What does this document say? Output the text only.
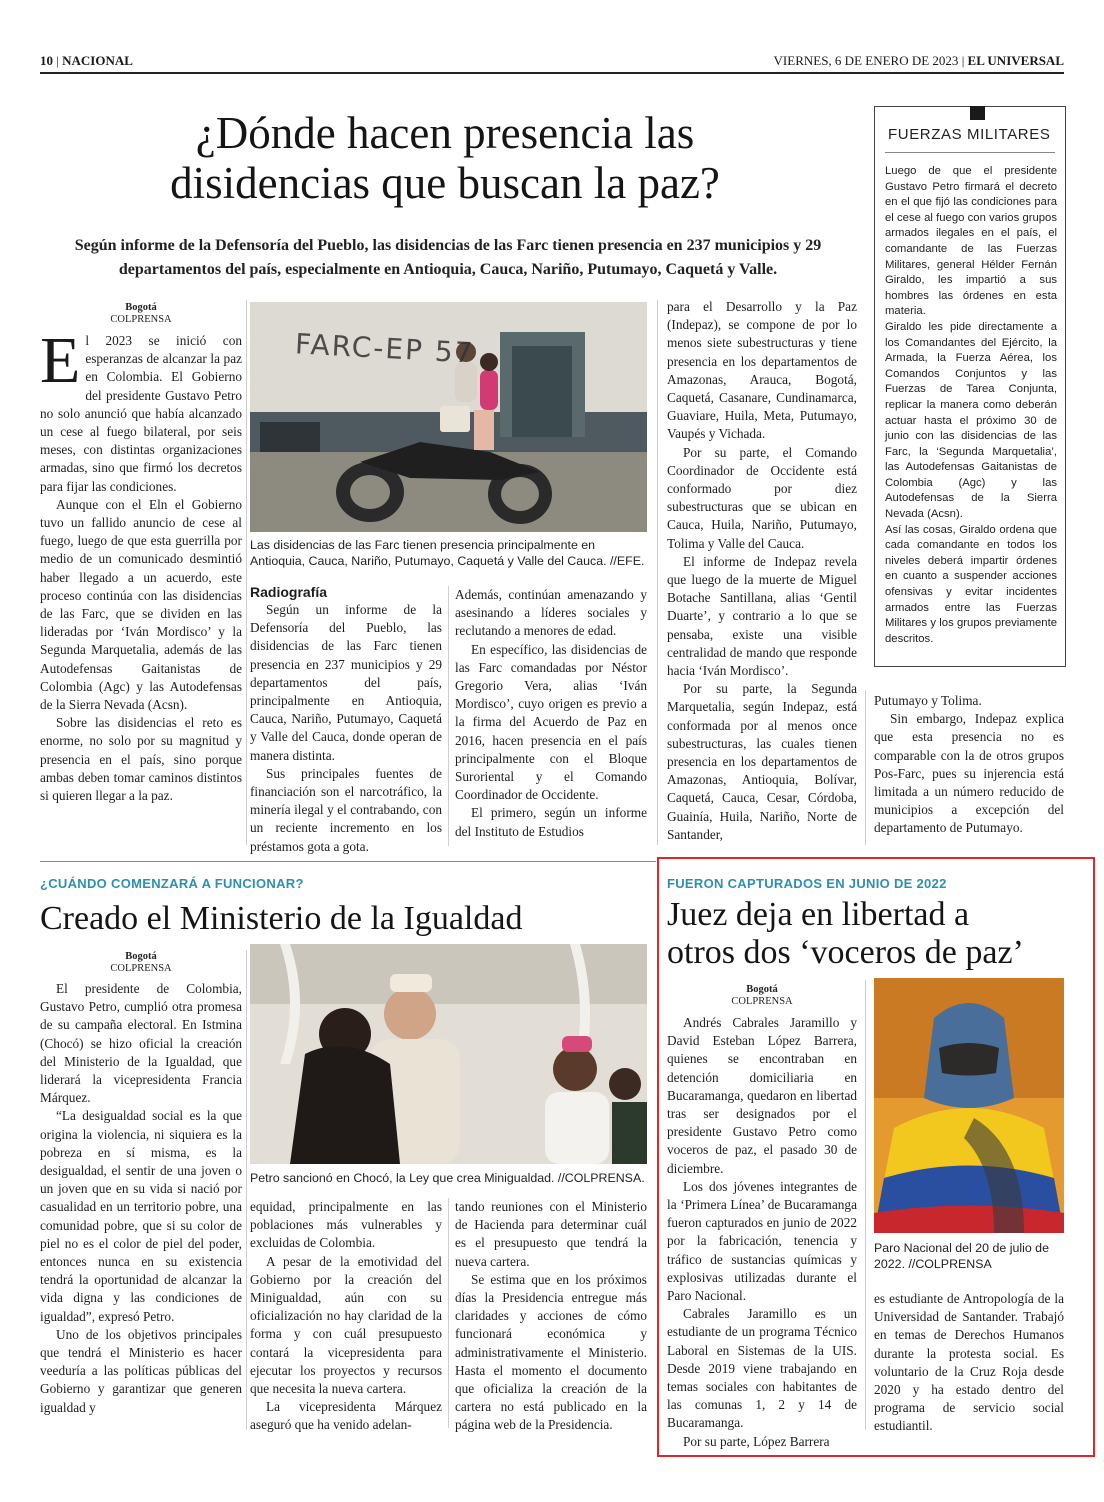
10 | NACIONAL	VIERNES, 6 DE ENERO DE 2023 | EL UNIVERSAL
¿Dónde hacen presencia las
disidencias que buscan la paz?
Según informe de la Defensoría del Pueblo, las disidencias de las Farc tienen presencia en 237 municipios y 29 departamentos del país, especialmente en Antioquia, Cauca, Nariño, Putumayo, Caquetá y Valle.
FUERZAS MILITARES

Luego de que el presidente Gustavo Petro firmará el decreto en el que fijó las condiciones para el cese al fuego con varios grupos armados ilegales en el país, el comandante de las Fuerzas Militares, general Hélder Fernán Giraldo, les impartió a sus hombres las órdenes en esta materia.

Giraldo les pide directamente a los Comandantes del Ejército, la Armada, la Fuerza Aérea, los Comandos Conjuntos y las Fuerzas de Tarea Conjunta, replicar la manera como deberán actuar hasta el próximo 30 de junio con las disidencias de las Farc, la ‘Segunda Marquetalia’, las Autodefensas Gaitanistas de Colombia (Agc) y las Autodefensas de la Sierra Nevada (Acsn).

Así las cosas, Giraldo ordena que cada comandante en todos los niveles deberá impartir órdenes en cuanto a suspender acciones ofensivas y evitar incidentes armados entre las Fuerzas Militares y los grupos previamente descritos.

Bogotá
COLPRENSA

El 2023 se inició con esperanzas de alcanzar la paz en Colombia. El Gobierno del presidente Gustavo Petro no solo anunció que había alcanzado un cese al fuego bilateral, por seis meses, con distintas organizaciones armadas, sino que firmó los decretos para fijar las condiciones.

Aunque con el Eln el Gobierno tuvo un fallido anuncio de cese al fuego, luego de que esta guerrilla por medio de un comunicado desmintió haber llegado a un acuerdo, este proceso continúa con las disidencias de las Farc, que se dividen en las lideradas por ‘Iván Mordisco’ y la Segunda Marquetalia, además de las Autodefensas Gaitanistas de Colombia (Agc) y las Autodefensas de la Sierra Nevada (Acsn).

Sobre las disidencias el reto es enorme, no solo por su magnitud y presencia en el país, sino porque ambas deben tomar caminos distintos si quieren llegar a la paz.

FARC-EP 57
Las disidencias de las Farc tienen presencia principalmente en Antioquia, Cauca, Nariño, Putumayo, Caquetá y Valle del Cauca. //EFE.

Radiografía

Según un informe de la Defensoría del Pueblo, las disidencias de las Farc tienen presencia en 237 municipios y 29 departamentos del país, principalmente en Antioquia, Cauca, Nariño, Putumayo, Caquetá y Valle del Cauca, donde operan de manera distinta.

Sus principales fuentes de financiación son el narcotráfico, la minería ilegal y el contrabando, con un reciente incremento en los préstamos gota a gota.

Además, continúan amenazando y asesinando a líderes sociales y reclutando a menores de edad.

En específico, las disidencias de las Farc comandadas por Néstor Gregorio Vera, alias ‘Iván Mordisco’, cuyo origen es previo a la firma del Acuerdo de Paz en 2016, hacen presencia en el país principalmente con el Bloque Suroriental y el Comando Coordinador de Occidente.

El primero, según un informe del Instituto de Estudios

para el Desarrollo y la Paz (Indepaz), se compone de por lo menos siete subestructuras y tiene presencia en los departamentos de Amazonas, Arauca, Bogotá, Caquetá, Casanare, Cundinamarca, Guaviare, Huila, Meta, Putumayo, Vaupés y Vichada.

Por su parte, el Comando Coordinador de Occidente está conformado por diez subestructuras que se ubican en Cauca, Huila, Nariño, Putumayo, Tolima y Valle del Cauca.

El informe de Indepaz revela que luego de la muerte de Miguel Botache Santillana, alias ‘Gentil Duarte’, y contrario a lo que se pensaba, existe una visible centralidad de mando que responde hacia ‘Iván Mordisco’.

Por su parte, la Segunda Marquetalia, según Indepaz, está conformada por al menos once subestructuras, las cuales tienen presencia en los departamentos de Amazonas, Antioquia, Bolívar, Caquetá, Cauca, Cesar, Córdoba, Guainía, Huila, Nariño, Norte de Santander,

Putumayo y Tolima.

Sin embargo, Indepaz explica que esta presencia no es comparable con la de otros grupos Pos-Farc, pues su injerencia está limitada a un número reducido de municipios a excepción del departamento de Putumayo.

¿CUÁNDO COMENZARÁ A FUNCIONAR?
Creado el Ministerio de la Igualdad
Bogotá
COLPRENSA

El presidente de Colombia, Gustavo Petro, cumplió otra promesa de su campaña electoral. En Istmina (Chocó) se hizo oficial la creación del Ministerio de la Igualdad, que liderará la vicepresidenta Francia Márquez.

“La desigualdad social es la que origina la violencia, ni siquiera es la pobreza en sí misma, es la desigualdad, el sentir de una joven o un joven que en su vida si nació por casualidad en un territorio pobre, una comunidad pobre, que si su color de piel no es el color de piel del poder, entonces nunca en su existencia tendrá la oportunidad de alcanzar la vida digna y las condiciones de igualdad”, expresó Petro.

Uno de los objetivos principales que tendrá el Ministerio es hacer veeduría a las políticas públicas del Gobierno y garantizar que generen igualdad y

Petro sancionó en Chocó, la Ley que crea Minigualdad. //COLPRENSA.

equidad, principalmente en las poblaciones más vulnerables y excluidas de Colombia.

A pesar de la emotividad del Gobierno por la creación del Minigualdad, aún con su oficialización no hay claridad de la forma y con cuál presupuesto contará la vicepresidenta para ejecutar los proyectos y recursos que necesita la nueva cartera.

La vicepresidenta Márquez aseguró que ha venido adelan-

tando reuniones con el Ministerio de Hacienda para determinar cuál es el presupuesto que tendrá la nueva cartera.

Se estima que en los próximos días la Presidencia entregue más claridades y acciones de cómo funcionará económica y administrativamente el Ministerio. Hasta el momento el documento que oficializa la creación de la cartera no está publicado en la página web de la Presidencia.

FUERON CAPTURADOS EN JUNIO DE 2022
Juez deja en libertad a
otros dos ‘voceros de paz’
Bogotá
COLPRENSA

Andrés Cabrales Jaramillo y David Esteban López Barrera, quienes se encontraban en detención domiciliaria en Bucaramanga, quedaron en libertad tras ser designados por el presidente Gustavo Petro como voceros de paz, el pasado 30 de diciembre.

Los dos jóvenes integrantes de la ‘Primera Línea’ de Bucaramanga fueron capturados en junio de 2022 por la fabricación, tenencia y tráfico de sustancias químicas y explosivas utilizadas durante el Paro Nacional.

Cabrales Jaramillo es un estudiante de un programa Técnico Laboral en Sistemas de la UIS. Desde 2019 viene trabajando en temas sociales con habitantes de las comunas 1, 2 y 14 de Bucaramanga.

Por su parte, López Barrera

Paro Nacional del 20 de julio de 2022. //COLPRENSA

es estudiante de Antropología de la Universidad de Santander. Trabajó en temas de Derechos Humanos durante la protesta social. Es voluntario de la Cruz Roja desde 2020 y ha estado dentro del programa de servicio social estudiantil.
